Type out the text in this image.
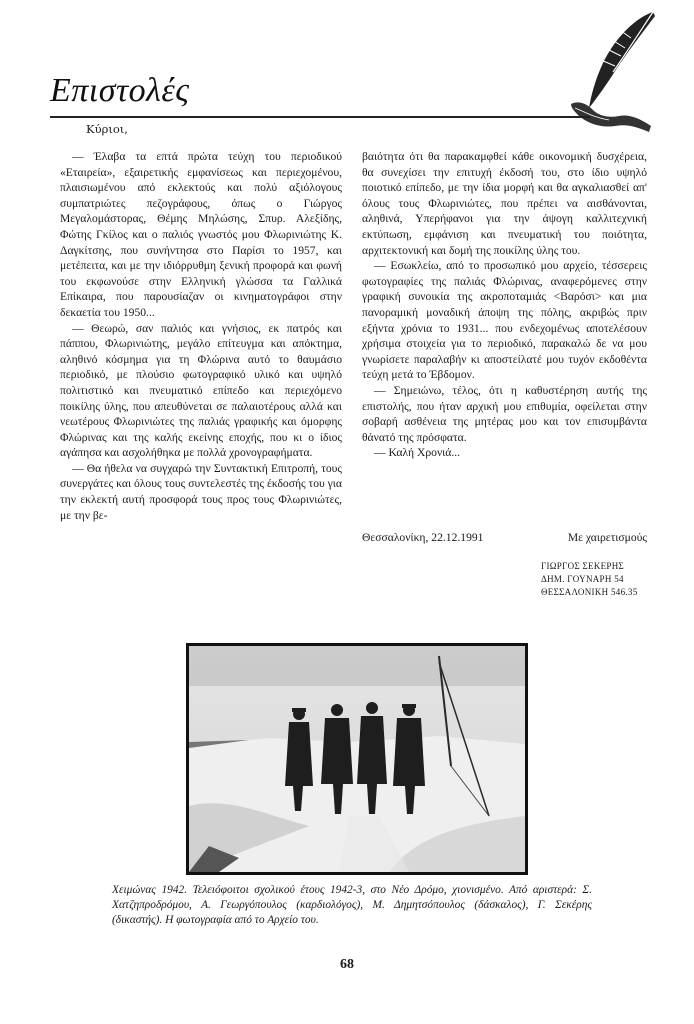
Επιστολές
Κύριοι,

— Έλαβα τα επτά πρώτα τεύχη του περιοδικού «Εταιρεία», εξαιρετικής εμφανίσεως και περιεχομένου, πλαισιωμένου από εκλεκτούς και πολύ αξιόλογους συμπατριώτες πεζογράφους, όπως ο Γιώργος Μεγαλομάστορας, Θέμης Μηλώσης, Σπυρ. Αλεξίδης, Φώτης Γκίλος και ο παλιός γνωστός μου Φλωρινιώτης Κ. Δαγκίτσης, που συνήντησα στο Παρίσι το 1957, και μετέπειτα, και με την ιδιόρρυθμη ξενική προφορά και φωνή του εκφωνούσε στην Ελληνική γλώσσα τα Γαλλικά Επίκαιρα, που παρουσίαζαν οι κινηματογράφοι στην δεκαετία του 1950...

— Θεωρώ, σαν παλιός και γνήσιος, εκ πατρός και πάππου, Φλωρινιώτης, μεγάλο επίτευγμα και απόκτημα, αληθινό κόσμημα για τη Φλώρινα αυτό το θαυμάσιο περιοδικό, με πλούσιο φωτογραφικό υλικό και υψηλό πολιτιστικό και πνευματικό επίπεδο και περιεχόμενο ποικίλης ύλης, που απευθύνεται σε παλαιοτέρους αλλά και νεωτέρους Φλωρινιώτες της παλιάς γραφικής και όμορφης Φλώρινας και της καλής εκείνης εποχής, που κι ο ίδιος αγάπησα και ασχολήθηκα με πολλά χρονογραφήματα.

— Θα ήθελα να συγχαρώ την Συντακτική Επιτροπή, τους συνεργάτες και όλους τους συντελεστές της έκδοσής του για την εκλεκτή αυτή προσφορά τους προς τους Φλωρινιώτες, με την βε-

βαιότητα ότι θα παρακαμφθεί κάθε οικονομική δυσχέρεια, θα συνεχίσει την επιτυχή έκδοσή του, στο ίδιο υψηλό ποιοτικό επίπεδο, με την ίδια μορφή και θα αγκαλιασθεί απ' όλους τους Φλωρινιώτες, που πρέπει να αισθάνονται, αληθινά, Υπερήφανοι για την άψογη καλλιτεχνική εκτύπωση, εμφάνιση και πνευματική του ποιότητα, αρχιτεκτονική και δομή της ποικίλης ύλης του.

— Εσωκλείω, από το προσωπικό μου αρχείο, τέσσερεις φωτογραφίες της παλιάς Φλώρινας, αναφερόμενες στην γραφική συνοικία της ακροποταμιάς <Βαρόσι> και μια πανοραμική μοναδική άποψη της πόλης, ακριβώς πριν εξήντα χρόνια το 1931... που ενδεχομένως αποτελέσουν χρήσιμα στοιχεία για το περιοδικό, παρακαλώ δε να μου γνωρίσετε παραλαβήν κι αποστείλατέ μου τυχόν εκδοθέντα τεύχη μετά το Έβδομον.

— Σημειώνω, τέλος, ότι η καθυστέρηση αυτής της επιστολής, που ήταν αρχική μου επιθυμία, οφείλεται στην σοβαρή ασθένεια της μητέρας μου και τον επισυμβάντα θάνατό της πρόσφατα.

— Καλή Χρονιά...

Θεσσαλονίκη, 22.12.1991	Με χαιρετισμούς
ΓΙΩΡΓΟΣ ΣΕΚΕΡΗΣ
ΔΗΜ. ΓΟΥΝΑΡΗ 54
ΘΕΣΣΑΛΟΝΙΚΗ 546.35
Χειμώνας 1942. Τελειόφοιτοι σχολικού έτους 1942-3, στο Νέο Δρόμο, χιονισμένο. Από αριστερά: Σ. Χατζηπροδρόμου, Α. Γεωργόπουλος (καρδιολόγος), Μ. Δημητσόπουλος (δάσκαλος), Γ. Σεκέρης (δικαστής). Η φωτογραφία από το Αρχείο του.
68
